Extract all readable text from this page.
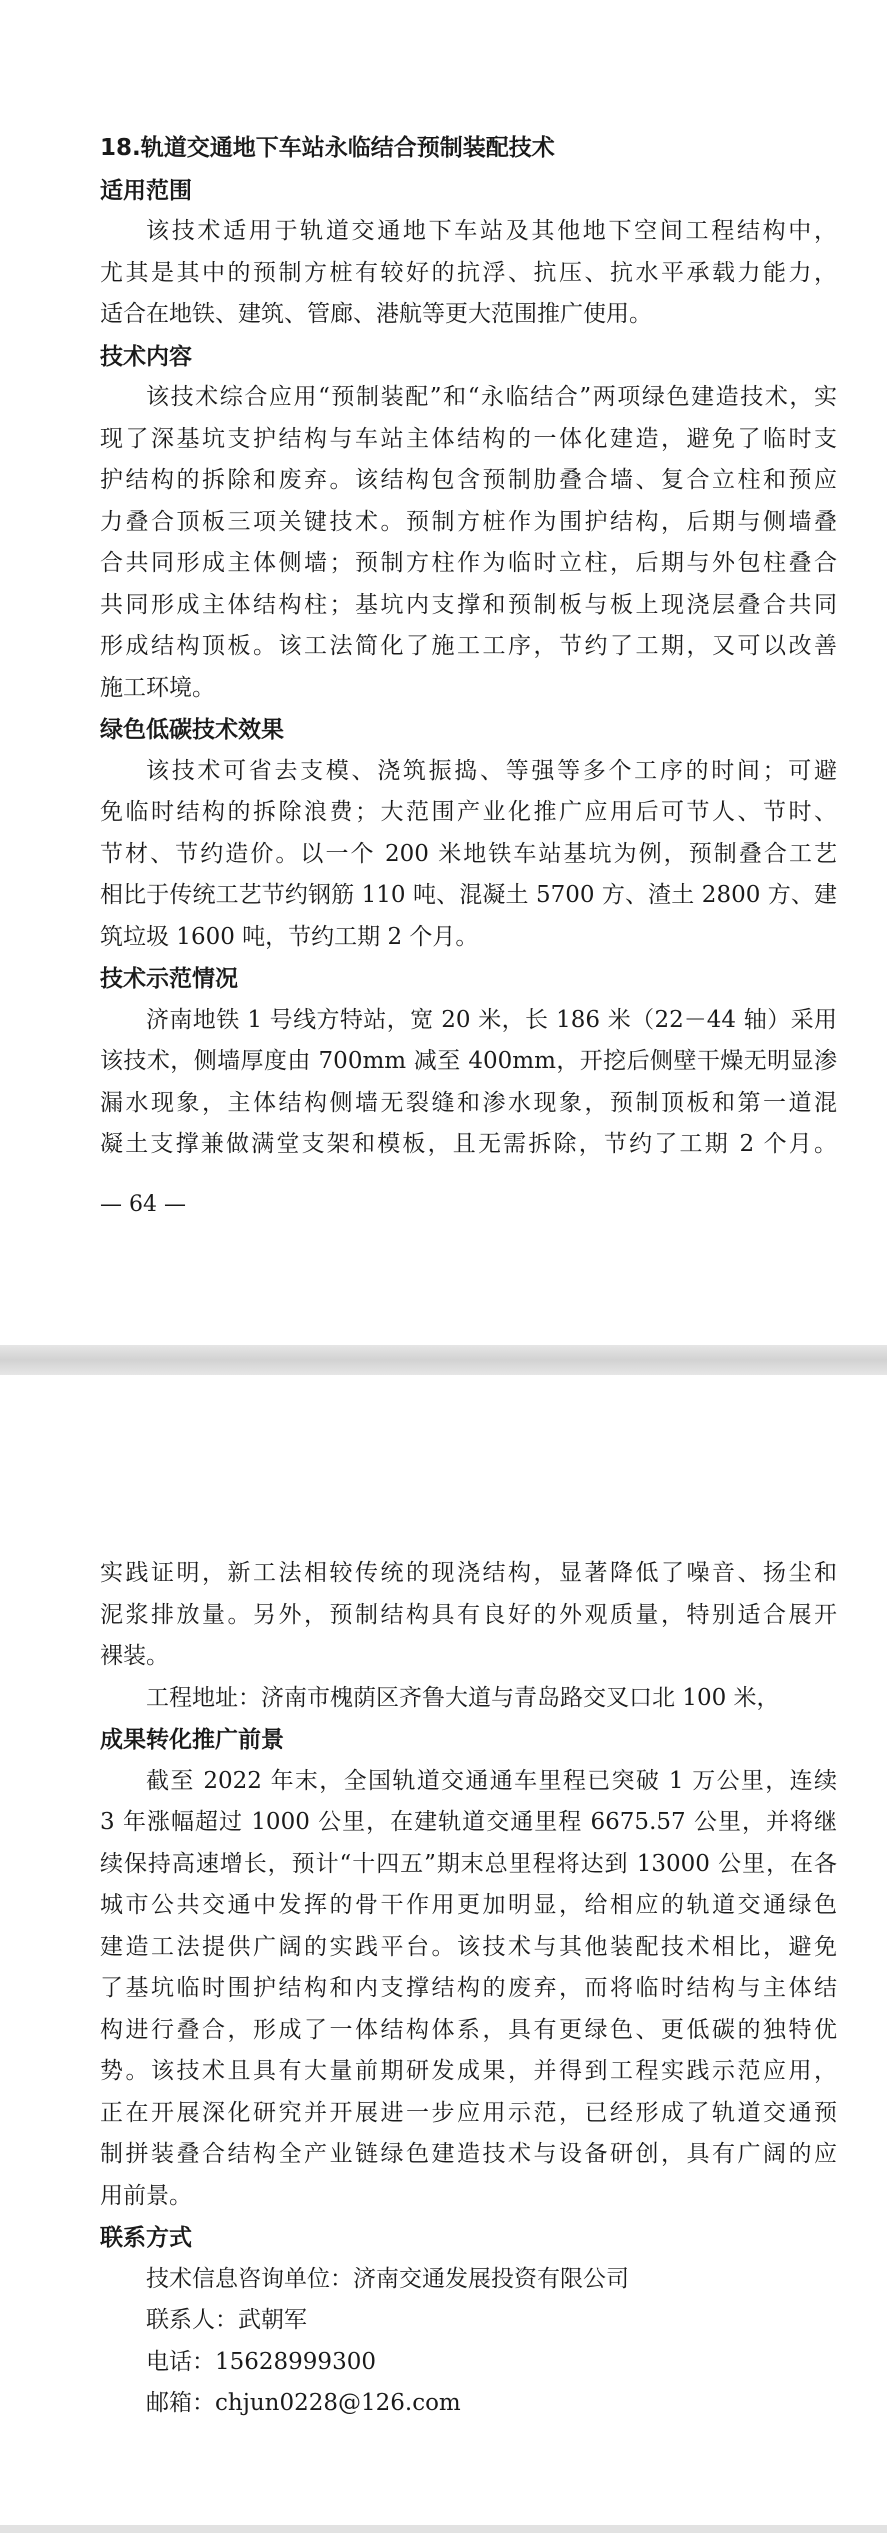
18.轨道交通地下车站永临结合预制装配技术
适用范围
该技术适用于轨道交通地下车站及其他地下空间工程结构中，
尤其是其中的预制方桩有较好的抗浮、抗压、抗水平承载力能力，
适合在地铁、建筑、管廊、港航等更大范围推广使用。
技术内容
该技术综合应用“预制装配”和“永临结合”两项绿色建造技术，实
现了深基坑支护结构与车站主体结构的一体化建造，避免了临时支
护结构的拆除和废弃。该结构包含预制肋叠合墙、复合立柱和预应
力叠合顶板三项关键技术。预制方桩作为围护结构，后期与侧墙叠
合共同形成主体侧墙；预制方柱作为临时立柱，后期与外包柱叠合
共同形成主体结构柱；基坑内支撑和预制板与板上现浇层叠合共同
形成结构顶板。该工法简化了施工工序，节约了工期，又可以改善
施工环境。
绿色低碳技术效果
该技术可省去支模、浇筑振捣、等强等多个工序的时间；可避
免临时结构的拆除浪费；大范围产业化推广应用后可节人、节时、
节材、节约造价。以一个 200 米地铁车站基坑为例，预制叠合工艺
相比于传统工艺节约钢筋 110 吨、混凝土 5700 方、渣土 2800 方、建
筑垃圾 1600 吨，节约工期 2 个月。
技术示范情况
济南地铁 1 号线方特站，宽 20 米，长 186 米（22－44 轴）采用
该技术，侧墙厚度由 700mm 减至 400mm，开挖后侧壁干燥无明显渗
漏水现象，主体结构侧墙无裂缝和渗水现象，预制顶板和第一道混
凝土支撑兼做满堂支架和模板，且无需拆除，节约了工期 2 个月。
— 64 —
实践证明，新工法相较传统的现浇结构，显著降低了噪音、扬尘和
泥浆排放量。另外，预制结构具有良好的外观质量，特别适合展开
裸装。
工程地址：济南市槐荫区齐鲁大道与青岛路交叉口北 100 米，
成果转化推广前景
截至 2022 年末，全国轨道交通通车里程已突破 1 万公里，连续
3 年涨幅超过 1000 公里，在建轨道交通里程 6675.57 公里，并将继
续保持高速增长，预计“十四五”期末总里程将达到 13000 公里，在各
城市公共交通中发挥的骨干作用更加明显，给相应的轨道交通绿色
建造工法提供广阔的实践平台。该技术与其他装配技术相比，避免
了基坑临时围护结构和内支撑结构的废弃，而将临时结构与主体结
构进行叠合，形成了一体结构体系，具有更绿色、更低碳的独特优
势。该技术且具有大量前期研发成果，并得到工程实践示范应用，
正在开展深化研究并开展进一步应用示范，已经形成了轨道交通预
制拼装叠合结构全产业链绿色建造技术与设备研创，具有广阔的应
用前景。
联系方式
技术信息咨询单位：济南交通发展投资有限公司
联系人：武朝军
电话：15628999300
邮箱：chjun0228@126.com
